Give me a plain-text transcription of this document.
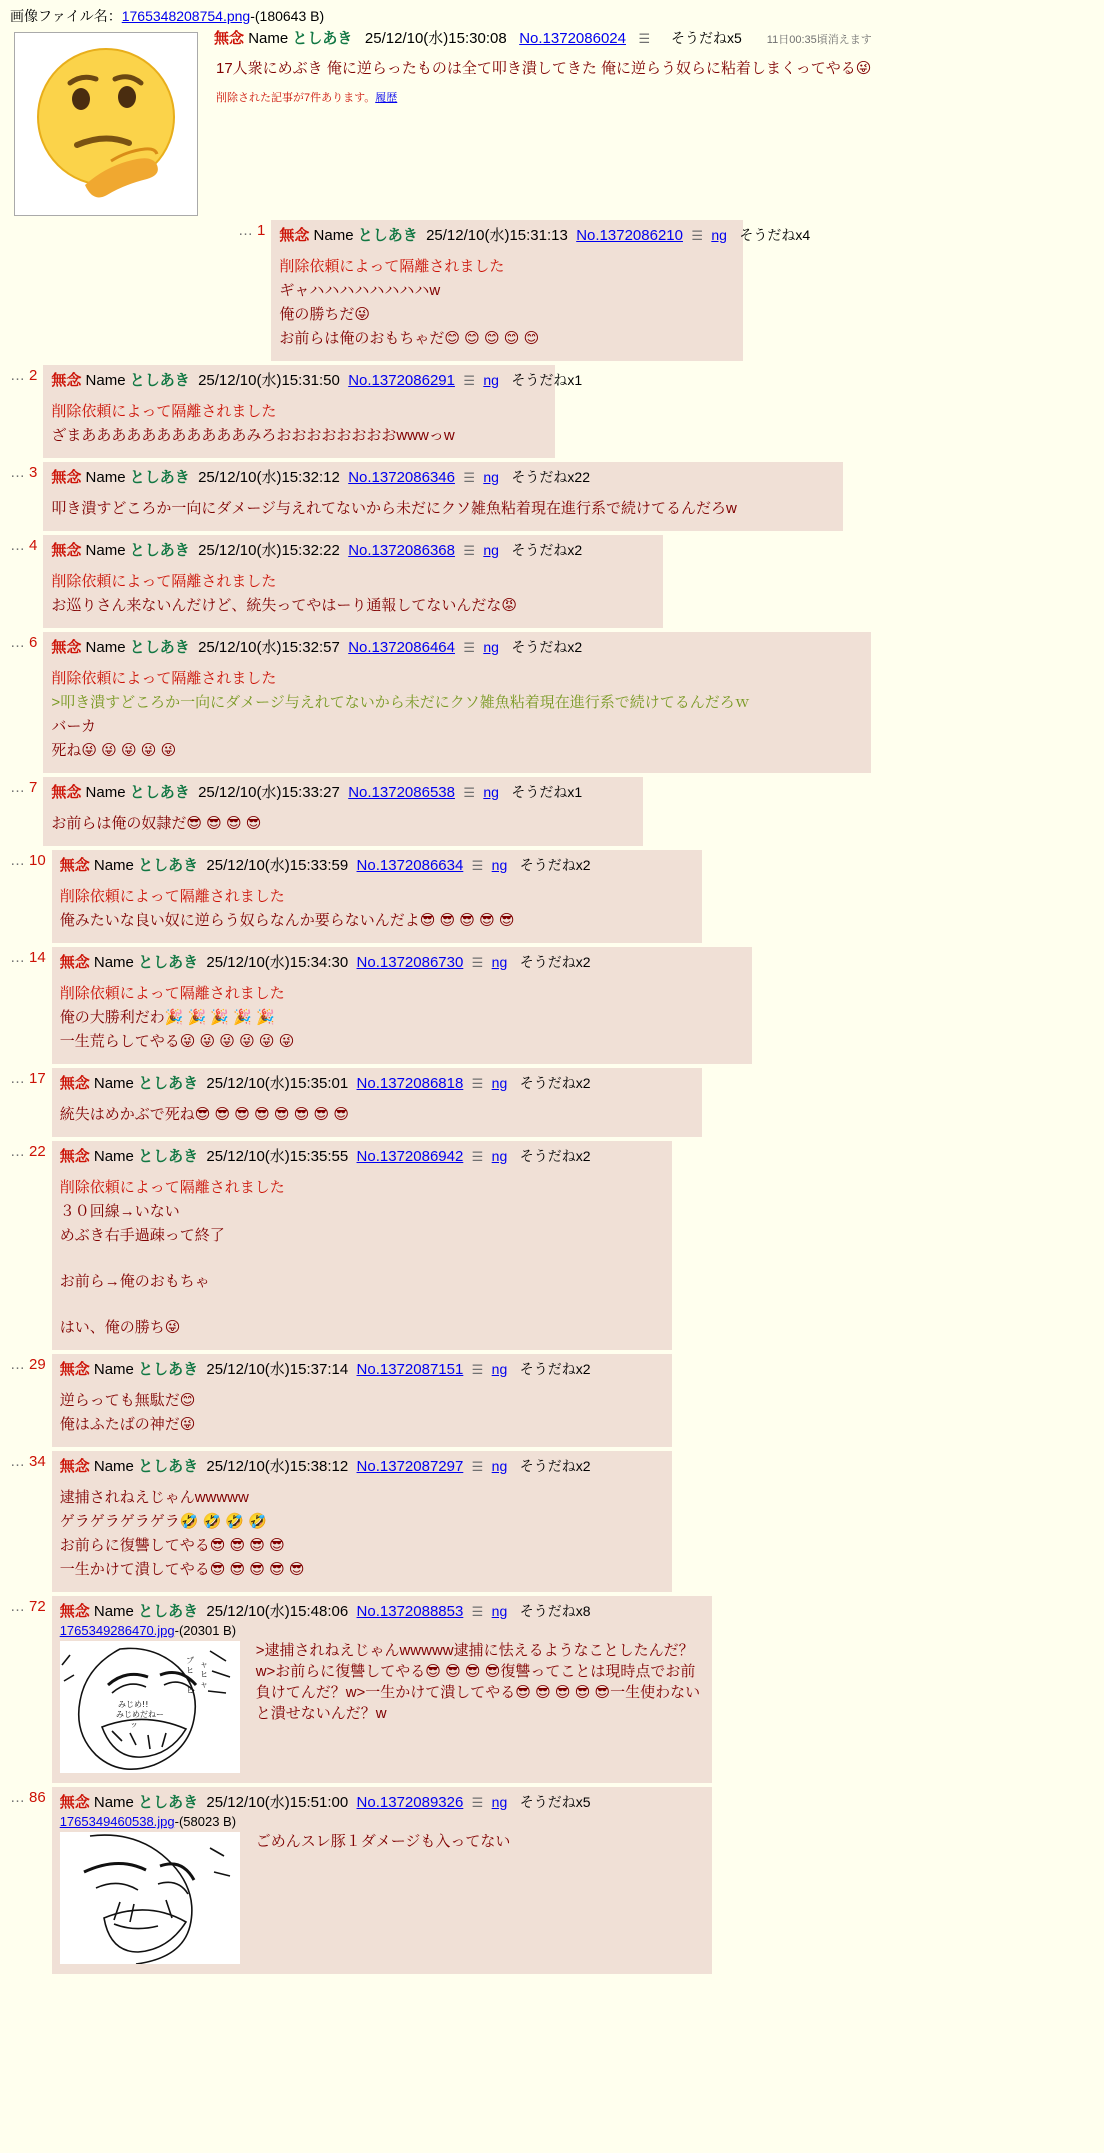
画像ファイル名：1765348208754.png-(180643 B)
無念 Name としあき 25/12/10(水)15:30:08 No.1372086024 ☰ そうだねx5 11日00:35頃消えます
17人衆にめぶき 俺に逆らったものは全て叩き潰してきた 俺に逆らう奴らに粘着しまくってやる😜
削除された記事が7件あります。履歴
… 1 無念 Name としあき 25/12/10(水)15:31:13 No.1372086210 ☰ ng そうだねx4
削除依頼によって隔離されました
ギャハハハハハハハハw
俺の勝ちだ😜
お前らは俺のおもちゃだ😊 😊 😊 😊 😊
… 2 無念 Name としあき 25/12/10(水)15:31:50 No.1372086291 ☰ ng そうだねx1
削除依頼によって隔離されました
ざまあああああああああああみろおおおおおおおおwwwっw
… 3 無念 Name としあき 25/12/10(水)15:32:12 No.1372086346 ☰ ng そうだねx22
叩き潰すどころか一向にダメージ与えれてないから未だにクソ雑魚粘着現在進行系で続けてるんだろw
… 4 無念 Name としあき 25/12/10(水)15:32:22 No.1372086368 ☰ ng そうだねx2
削除依頼によって隔離されました
お巡りさん来ないんだけど、統失ってやはーり通報してないんだな😡
… 6 無念 Name としあき 25/12/10(水)15:32:57 No.1372086464 ☰ ng そうだねx2
削除依頼によって隔離されました
>叩き潰すどころか一向にダメージ与えれてないから未だにクソ雑魚粘着現在進行系で続けてるんだろｗ
バーカ
死ね😜 😜 😜 😜 😜
… 7 無念 Name としあき 25/12/10(水)15:33:27 No.1372086538 ☰ ng そうだねx1
お前らは俺の奴隷だ😎 😎 😎 😎
… 10 無念 Name としあき 25/12/10(水)15:33:59 No.1372086634 ☰ ng そうだねx2
削除依頼によって隔離されました
俺みたいな良い奴に逆らう奴らなんか要らないんだよ😎 😎 😎 😎 😎
… 14 無念 Name としあき 25/12/10(水)15:34:30 No.1372086730 ☰ ng そうだねx2
削除依頼によって隔離されました
俺の大勝利だわ🎉 🎉 🎉 🎉 🎉
一生荒らしてやる😜 😜 😜 😜 😜 😜
… 17 無念 Name としあき 25/12/10(水)15:35:01 No.1372086818 ☰ ng そうだねx2
統失はめかぶで死ね😎 😎 😎 😎 😎 😎 😎 😎
… 22 無念 Name としあき 25/12/10(水)15:35:55 No.1372086942 ☰ ng そうだねx2
削除依頼によって隔離されました
３０回線→いない
めぶき右手過疎って終了
お前ら→俺のおもちゃ
はい、俺の勝ち😜
… 29 無念 Name としあき 25/12/10(水)15:37:14 No.1372087151 ☰ ng そうだねx2
逆らっても無駄だ😊
俺はふたばの神だ😜
… 34 無念 Name としあき 25/12/10(水)15:38:12 No.1372087297 ☰ ng そうだねx2
逮捕されねえじゃんwwwww
ゲラゲラゲラゲラ🤣 🤣 🤣 🤣
お前らに復讐してやる😎 😎 😎 😎
一生かけて潰してやる😎 😎 😎 😎 😎
… 72 無念 Name としあき 25/12/10(水)15:48:06 No.1372088853 ☰ ng そうだねx8
1765349286470.jpg-(20301 B)
ブ
ヒ
ャ
ヒ
ャ
ヒ
ャ
みじめ!!
みじめだねー
ッ
>逮捕されねえじゃんwwwww逮捕に怯えるようなことしたんだ？w>お前らに復讐してやる😎 😎 😎 😎復讐ってことは現時点でお前負けてんだ？w>一生かけて潰してやる😎 😎 😎 😎 😎一生使わないと潰せないんだ？w
… 86 無念 Name としあき 25/12/10(水)15:51:00 No.1372089326 ☰ ng そうだねx5
1765349460538.jpg-(58023 B)
ごめんスレ豚１ダメージも入ってない
